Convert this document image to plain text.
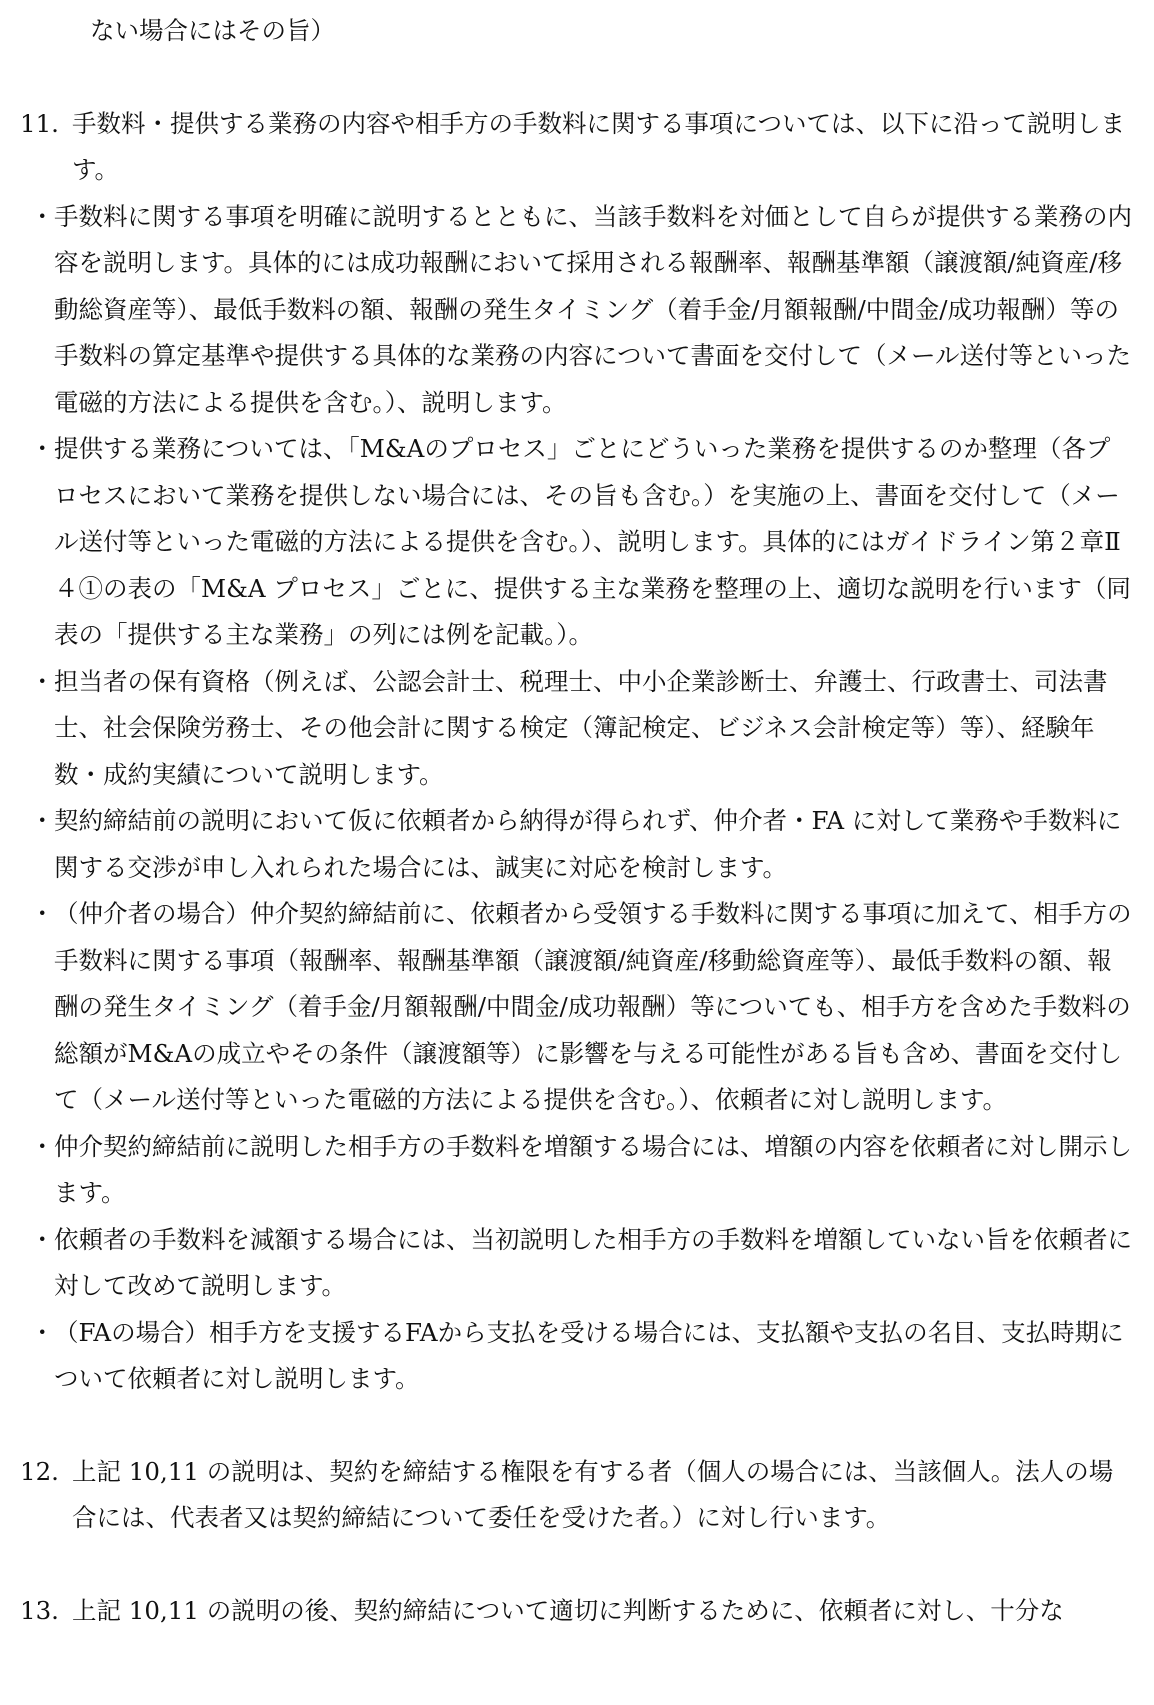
ない場合にはその旨）

11. 手数料・提供する業務の内容や相手方の手数料に関する事項については、以下に沿って説明します。

・ 手数料に関する事項を明確に説明するとともに、当該手数料を対価として自らが提供する業務の内容を説明します。具体的には成功報酬において採用される報酬率、報酬基準額（譲渡額/純資産/移動総資産等）、最低手数料の額、報酬の発生タイミング（着手金/月額報酬/中間金/成功報酬）等の手数料の算定基準や提供する具体的な業務の内容について書面を交付して（メール送付等といった電磁的方法による提供を含む。）、説明します。

・ 提供する業務については、「M&Aのプロセス」ごとにどういった業務を提供するのか整理（各プロセスにおいて業務を提供しない場合には、その旨も含む。）を実施の上、書面を交付して（メール送付等といった電磁的方法による提供を含む。）、説明します。具体的にはガイドライン第２章Ⅱ４①の表の「M&A プロセス」ごとに、提供する主な業務を整理の上、適切な説明を行います（同表の「提供する主な業務」の列には例を記載。）。

・ 担当者の保有資格（例えば、公認会計士、税理士、中小企業診断士、弁護士、行政書士、司法書士、社会保険労務士、その他会計に関する検定（簿記検定、ビジネス会計検定等）等）、経験年数・成約実績について説明します。

・ 契約締結前の説明において仮に依頼者から納得が得られず、仲介者・FA に対して業務や手数料に関する交渉が申し入れられた場合には、誠実に対応を検討します。

・ （仲介者の場合）仲介契約締結前に、依頼者から受領する手数料に関する事項に加えて、相手方の手数料に関する事項（報酬率、報酬基準額（譲渡額/純資産/移動総資産等）、最低手数料の額、報酬の発生タイミング（着手金/月額報酬/中間金/成功報酬）等についても、相手方を含めた手数料の総額がM&Aの成立やその条件（譲渡額等）に影響を与える可能性がある旨も含め、書面を交付して（メール送付等といった電磁的方法による提供を含む。）、依頼者に対し説明します。

・ 仲介契約締結前に説明した相手方の手数料を増額する場合には、増額の内容を依頼者に対し開示します。

・ 依頼者の手数料を減額する場合には、当初説明した相手方の手数料を増額していない旨を依頼者に対して改めて説明します。

・ （FAの場合）相手方を支援するFAから支払を受ける場合には、支払額や支払の名目、支払時期について依頼者に対し説明します。

12. 上記 10,11 の説明は、契約を締結する権限を有する者（個人の場合には、当該個人。法人の場合には、代表者又は契約締結について委任を受けた者。）に対し行います。

13. 上記 10,11 の説明の後、契約締結について適切に判断するために、依頼者に対し、十分な
